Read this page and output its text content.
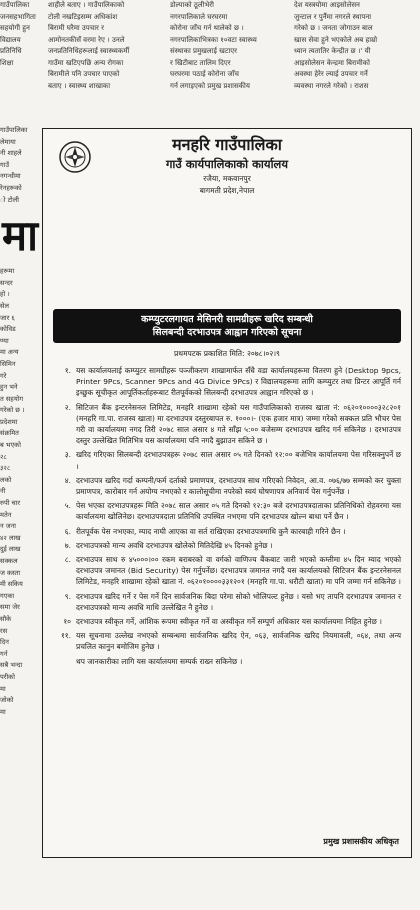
गाउँपालिका
जनसहभागिता
सहयोगी हुन
विद्यालय
प्रतिनिधि
शिक्षा
शाहीले बताए । गाउँपालिकाको
टोली नखटिइसम्म अधिकांश
बिरामी घरैमा उपचार र
आमोनतकीसँ वरमा रेए । उनले
जनप्रतिनिधिहरूलाई स्वास्थ्यकर्मी
गाउँमा खटिएपछि अन्य रोगका
बिरामीले पनि उपचार पाएको
बताए । स्वास्थ्य शाखाका
डोल्पाको ठूलीभेरी
नगरपालिकाले घरघरमा
कोरोना जाँच गर्न थालेको छ ।
नगरपालिकाभित्रका १०वटा स्वास्थ्य
संस्थाका प्रमुखलाई खटाएर
र खिटीबाट तालिम दिएर
घरघरमा पठाई कोरोना जाँच
गर्न लगाइएको प्रमुख प्रशासकीय
देश यस्त्रयोमा आइसोलेसन
जुन्टाल र पुर्नैमा नगरले स्थापना
गरेको छ । जनता जोगाउन बाल
खास सेवा हुने भएकोले अब हाम्रो
ध्यान त्यतातिर केन्द्रीत छ ।' यी
आइसोलेसन केन्द्रमा बिरामीको
अवस्था हेरेर ल्याई उपचार गर्ने
व्यवस्था नगरले गरेको । राशस
गाउँपालिका
लेमाया
नी शाहले
गाउँ
नगन्धीमा
रेनहरूको
ो टोली
मा
हरूमा
सन्दर
हो ।
सेल
जार ६
कोविड
ण्या
मा अन्य
सिमिन
गरे
हुन भने
त सहयोग
गरेको छ ।
प्रदेशमा
संक्रमित
ब भएको
२८
३२८
लको
नी
रुपी चार
मतेन
न जना
४२ लाख
दुई लाख
सक्कल
ज कस्ता
मी सकिय
गएका
समा जेर
सौके
रस
दिन
गर्न
सबै भन्दा
परीको
मा
जोको
मा
मनहरि गाउँपालिका
गाउँ कार्यपालिकाको कार्यालय
रजैया, मकवानपुर
बागमती प्रदेश,नेपाल
कम्प्युटरलगायत मेसिनरी सामग्रीहरू खरिद सम्बन्धी
सिलबन्दी दरभाउपत्र आह्वान गरिएको सूचना
प्रथमपटक प्रकाशित मिति: २०७८।०२।९
१. यस कार्यालयलाई कम्प्युटर सामग्रीहरू पञ्जीकरण शाखामार्फत सँधै वडा कार्यालयहरूमा वितरण हुने (Desktop 9pcs, Printer 9Pcs, Scanner 9Pcs and 4G Divice 9Pcs) र विद्यालयहरूमा लागि कम्प्युटर तथा प्रिन्टर आपूर्ति गर्न इच्छुक सूचीकृत आपूर्तिकर्ताहरूबाट रीतपूर्वकको सिलबन्दी दरभाउपत्र आह्वान गरिएको छ ।
२. सिटिजन बैंक इन्टरनेसनल लिमिटेड, मनहरि शाखामा रहेको यस गाउँपालिकाको राजस्व खाता नं: ०६२०१००००३२८२०१ (मनहरि गा.पा. राजस्व खाता) मा दरभाउपत्र दस्तुरबापत रु. १०००।- (एक हजार मात्र) जम्मा गरेको सक्कल प्रति भौचर पेस गरी वा कार्यालयमा नगद तिरी २०७८ साल असार ४ गते साँझ ५:०० बजेसम्म दरभाउपत्र खरिद गर्न सकिनेछ । दरभाउपत्र दस्तुर उल्लेखित मितिभित्र यस कार्यालयमा पनि नगदै बुझाउन सकिने छ ।
३. खरिद गरिएका सिलबन्दी दरभाउपत्रहरू २०७८ साल असार ०५ गते दिनको १२:०० बजेभित्र कार्यालयमा पेस गरिसक्नुपर्ने छ ।
४. दरभाउपत्र खरिद गर्दा कम्पनी/फर्म दर्ताको प्रमाणपत्र, दरभाउपत्र साथ गरिएको निवेदन, आ.व. ०७६/७७ सम्मको कर चुक्ता प्रमाणपत्र, कारोबार गर्न अयोग्य नभएको र कालोसूचीमा नपरेको स्वयं घोषणापत्र अनिवार्य पेस गर्नुपर्नेछ ।
५. पेस भएका दरभाउपत्रहरू मिति २०७८ साल असार ०५ गते दिनको १२:३० बजे दरभाउपत्रदाताका प्रतिनिधिको रोहवरमा यस कार्यालयमा खोलिनेछ। दरभाउपत्रदाता प्रतिनिधि उपस्थित नभएमा पनि दरभाउपत्र खोल्न बाधा पर्ने छैन ।
६. रीतपूर्वक पेस नभएका, म्याद नाघी आएका वा सर्त राखिएका दरभाउपत्रमाथि कुनै कारबाही गरिने छैन ।
७. दरभाउपत्रको मान्य अवधि दरभाउपत्र खोलेको मितिदेखि ४५ दिनको हुनेछ ।
८. दरभाउपत्र साथ रु ४५०००।०० रकम बराबरको वा वर्गको वाणिज्य बैंकबाट जारी भएको कम्तीमा ४५ दिन म्याद भएको दरभाउपत्र जमानत (Bid Security) पेस गर्नुपर्नेछ। दरभाउपत्र जमानत नगदै यस कार्यालयको सिटिजन बैंक इन्टरनेसनल लिमिटेड, मनहरि शाखामा रहेको खाता नं. ०६२०१००००३३१२०१ (मनहरि गा.पा. धरौटी खाता) मा पनि जम्मा गर्न सकिनेछ ।
९. दरभाउपत्र खरिद गर्ने र पेस गर्ने दिन सार्वजनिक बिदा परेमा सोको भोलिपल्ट हुनेछ । यसो भए तापनि दरभाउपत्र जमानत र दरभाउपत्रको मान्य अवधि माथि उल्लेखित नै हुनेछ ।
१० दरभाउपत्र स्वीकृत गर्ने, आंशिक रूपमा स्वीकृत गर्ने वा अस्वीकृत गर्ने सम्पूर्ण अधिकार यस कार्यालयमा निहित हुनेछ ।
११. यस सूचनामा उल्लेख नभएको सम्बन्धमा सार्वजनिक खरिद ऐन, ०६३, सार्वजनिक खरिद नियमावली, ०६४, तथा अन्य प्रचलित कानुन बमोजिम हुनेछ ।
थप जानकारीका लागि यस कार्यालयमा सम्पर्क राख्न सकिनेछ ।
प्रमुख प्रशासकीय अधिकृत
